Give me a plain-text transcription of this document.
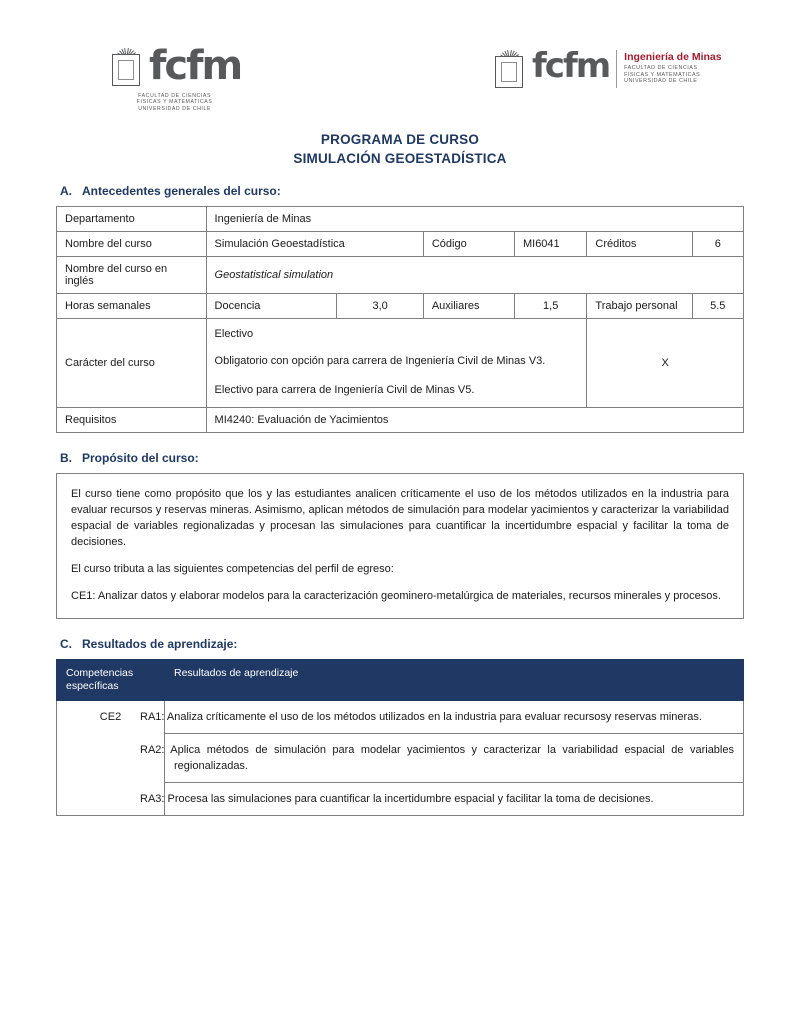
fcfm
FACULTAD DE CIENCIAS
FISICAS Y MATEMATICAS
UNIVERSIDAD DE CHILE
fcfm Ingeniería de Minas
FACULTAD DE CIENCIAS
FISICAS Y MATEMATICAS
UNIVERSIDAD DE CHILE
PROGRAMA DE CURSO
SIMULACIÓN GEOESTADÍSTICA
A. Antecedentes generales del curso:
Departamento	Ingeniería de Minas					
Nombre del curso	Simulación Geoestadística		Código	MI6041	Créditos	6
Nombre del curso en inglés	Geostatistical simulation					
Horas semanales	Docencia	3,0	Auxiliares	1,5	Trabajo personal	5.5
Carácter del curso	Electivo
Obligatorio con opción para carrera de Ingeniería Civil de Minas V3.
Electivo para carrera de Ingeniería Civil de Minas V5.				X	
Requisitos	MI4240: Evaluación de Yacimientos					
B. Propósito del curso:

El curso tiene como propósito que los y las estudiantes analicen críticamente el uso de los métodos utilizados en la industria para evaluar recursos y reservas mineras. Asimismo, aplican métodos de simulación para modelar yacimientos y caracterizar la variabilidad espacial de variables regionalizadas y procesan las simulaciones para cuantificar la incertidumbre espacial y facilitar la toma de decisiones.

El curso tributa a las siguientes competencias del perfil de egreso:

CE1: Analizar datos y elaborar modelos para la caracterización geominero-metalúrgica de materiales, recursos minerales y procesos.

C. Resultados de aprendizaje:
Competencias específicas	Resultados de aprendizaje
CE2	RA1: Analiza críticamente el uso de los métodos utilizados en la industria para evaluar recursosy reservas mineras.
	RA2: Aplica métodos de simulación para modelar yacimientos y caracterizar la variabilidad espacial de variables regionalizadas.
	RA3: Procesa las simulaciones para cuantificar la incertidumbre espacial y facilitar la toma de decisiones.
